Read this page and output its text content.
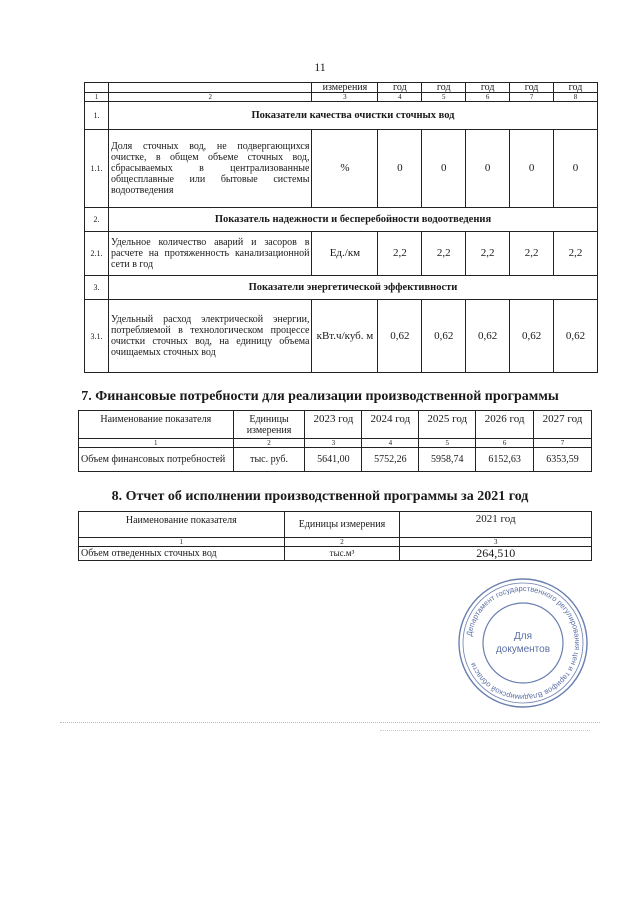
11
		измерения	год	год	год	год	год
1	2	3	4	5	6	7	8
1.	Показатели качества очистки сточных вод						
1.1.	Доля сточных вод, не подвергающихся очистке, в общем объеме сточных вод, сбрасываемых в централизованные общесплавные или бытовые системы водоотведения	%	0	0	0	0	0
2.	Показатель надежности и бесперебойности водоотведения						
2.1.	Удельное количество аварий и засоров в расчете на протяженность канализационной сети в год	Ед./км	2,2	2,2	2,2	2,2	2,2
3.	Показатели энергетической эффективности						
3.1.	Удельный расход электрической энергии, потребляемой в технологическом процессе очистки сточных вод, на единицу объема очищаемых сточных вод	кВт.ч/куб. м	0,62	0,62	0,62	0,62	0,62
7. Финансовые потребности для реализации производственной программы
Наименование показателя	Единицы измерения	2023 год	2024 год	2025 год	2026 год	2027 год
1	2	3	4	5	6	7
Объем финансовых потребностей	тыс. руб.	5641,00	5752,26	5958,74	6152,63	6353,59
8. Отчет об исполнении производственной программы за 2021 год
Наименование показателя	Единицы измерения	2021 год
1	2	3
Объем отведенных сточных вод	тыс.м³	264,510
Департамент государственного регулирования цен и тарифов Владимирской области
Для
документов
